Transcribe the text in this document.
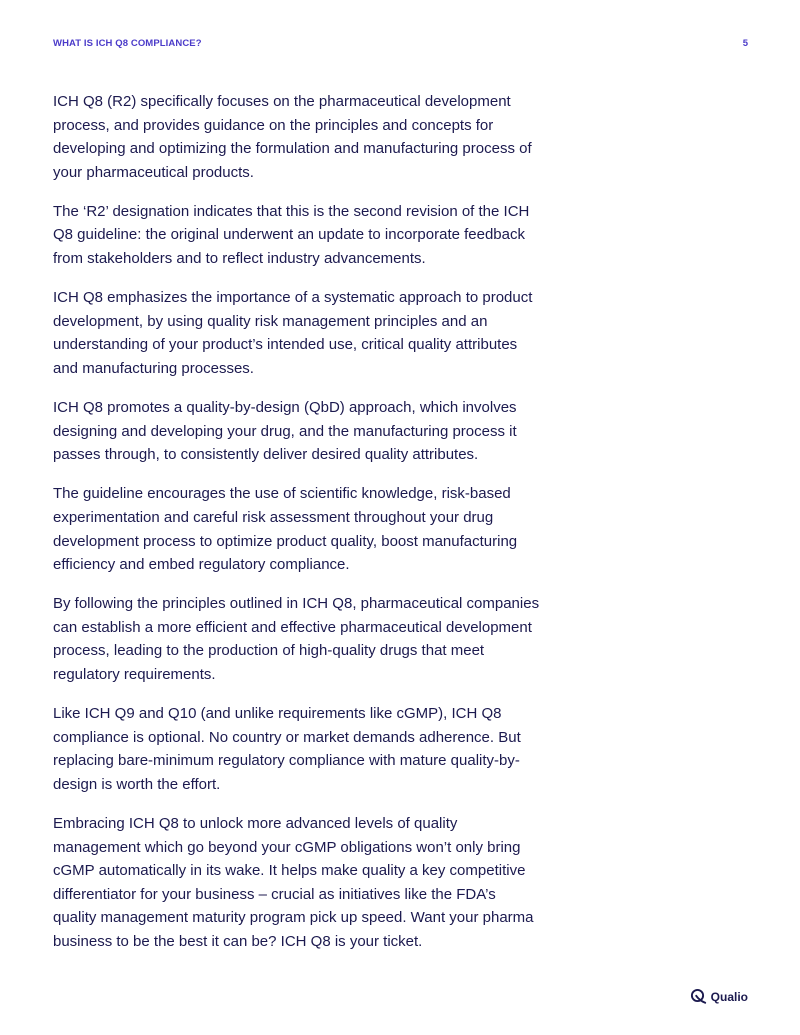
WHAT IS ICH Q8 COMPLIANCE?	5

ICH Q8 (R2) specifically focuses on the pharmaceutical development process, and provides guidance on the principles and concepts for developing and optimizing the formulation and manufacturing process of your pharmaceutical products.

The ‘R2’ designation indicates that this is the second revision of the ICH Q8 guideline: the original underwent an update to incorporate feedback from stakeholders and to reflect industry advancements.

ICH Q8 emphasizes the importance of a systematic approach to product development, by using quality risk management principles and an understanding of your product’s intended use, critical quality attributes and manufacturing processes.

ICH Q8 promotes a quality-by-design (QbD) approach, which involves designing and developing your drug, and the manufacturing process it passes through, to consistently deliver desired quality attributes.

The guideline encourages the use of scientific knowledge, risk-based experimentation and careful risk assessment throughout your drug development process to optimize product quality, boost manufacturing efficiency and embed regulatory compliance.

By following the principles outlined in ICH Q8, pharmaceutical companies can establish a more efficient and effective pharmaceutical development process, leading to the production of high-quality drugs that meet regulatory requirements.

Like ICH Q9 and Q10 (and unlike requirements like cGMP), ICH Q8 compliance is optional. No country or market demands adherence. But replacing bare-minimum regulatory compliance with mature quality-by-design is worth the effort.

Embracing ICH Q8 to unlock more advanced levels of quality management which go beyond your cGMP obligations won’t only bring cGMP automatically in its wake. It helps make quality a key competitive differentiator for your business – crucial as initiatives like the FDA’s quality management maturity program pick up speed. Want your pharma business to be the best it can be? ICH Q8 is your ticket.

Qualio
